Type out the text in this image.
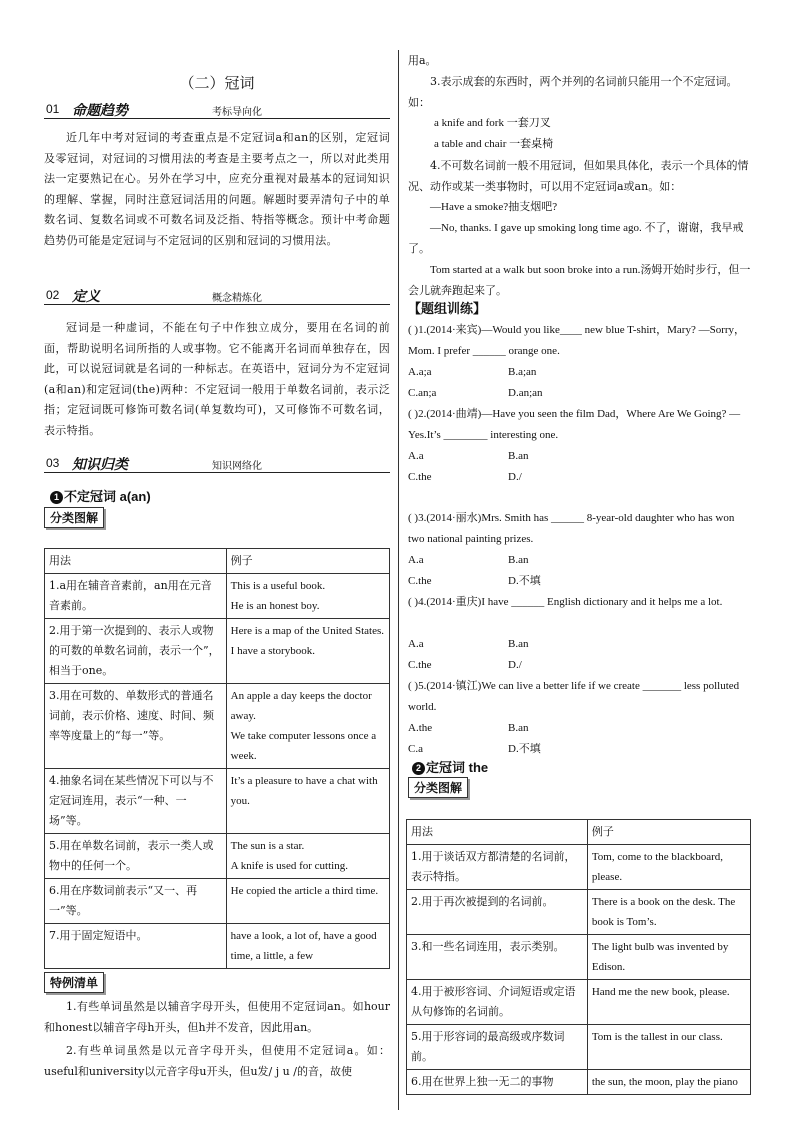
（二）冠词
01 命题趋势	考标导向化
近几年中考对冠词的考查重点是不定冠词a和an的区别，定冠词及零冠词，对冠词的习惯用法的考查是主要考点之一，所以对此类用法一定要熟记在心。另外在学习中，应充分重视对最基本的冠词知识的理解、掌握，同时注意冠词活用的问题。解题时要弄清句子中的单数名词、复数名词或不可数名词及泛指、特指等概念。预计中考命题趋势仍可能是定冠词与不定冠词的区别和冠词的习惯用法。
02 定义	概念精炼化
冠词是一种虚词，不能在句子中作独立成分，要用在名词的前面，帮助说明名词所指的人或事物。它不能离开名词而单独存在，因此，可以说冠词就是名词的一种标志。在英语中，冠词分为不定冠词(a和an)和定冠词(the)两种：不定冠词一般用于单数名词前，表示泛指；定冠词既可修饰可数名词(单复数均可)，又可修饰不可数名词，表示特指。
03 知识归类	知识网络化
1 不定冠词 a(an)
分类图解
用法	例子
1.a用在辅音音素前，an用在元音音素前。	This is a useful book.
He is an honest boy.

2.用于第一次提到的、表示人或物的可数的单数名词前，表示一个”，相当于one。	Here is a map of the United States.
I have a storybook.

3.用在可数的、单数形式的普通名词前，表示价格、速度、时间、频率等度量上的“每一”等。	An apple a day keeps the doctor away.
We take computer lessons once a week.

4.抽象名词在某些情况下可以与不定冠词连用，表示“一种、一场”等。	It’s a pleasure to have a chat with you.

5.用在单数名词前，表示一类人或物中的任何一个。	The sun is a star.
A knife is used for cutting.

6.用在序数词前表示“又一、再一”等。	He copied the article a third time.

7.用于固定短语中。	have a look, a lot of, have a good time, a little, a few
特例清单
1.有些单词虽然是以辅音字母开头，但使用不定冠词an。如hour和honest以辅音字母h开头，但h并不发音，因此用an。
2.有些单词虽然是以元音字母开头，但使用不定冠词a。如：useful和university以元音字母u开头，但u发/ j u /的音，故使
用a。
3.表示成套的东西时，两个并列的名词前只能用一个不定冠词。如：
a knife and fork 一套刀叉
a table and chair 一套桌椅
4.不可数名词前一般不用冠词，但如果具体化，表示一个具体的情况、动作或某一类事物时，可以用不定冠词a或an。如：
—Have a smoke?抽支烟吧?
—No, thanks. I gave up smoking long time ago. 不了，谢谢，我早戒了。
Tom started at a walk but soon broke into a run.汤姆开始时步行，但一会儿就奔跑起来了。
【题组训练】
( )1.(2014·来宾)—Would you like____ new blue T-shirt，Mary? —Sorry，Mom. I prefer ______ orange one.
A.a;a	B.a;an
C.an;a	D.an;an
( )2.(2014·曲靖)—Have you seen the film Dad，Where Are We Going? —Yes.It’s ________ interesting one.
A.a	B.an
C.the	D./
( )3.(2014·丽水)Mrs. Smith has ______ 8-year-old daughter who has won two national painting prizes.
A.a	B.an
C.the	D.不填
( )4.(2014·重庆)I have ______ English dictionary and it helps me a lot.
A.a	B.an
C.the	D./
( )5.(2014·镇江)We can live a better life if we create _______ less polluted world.
A.the	B.an
C.a	D.不填
2 定冠词 the
分类图解
用法	例子
1.用于谈话双方都清楚的名词前，表示特指。	Tom, come to the blackboard, please.

2.用于再次被提到的名词前。	There is a book on the desk. The book is Tom’s.

3.和一些名词连用，表示类别。	The light bulb was invented by Edison.

4.用于被形容词、介词短语或定语从句修饰的名词前。	Hand me the new book, please.

5.用于形容词的最高级或序数词前。	Tom is the tallest in our class.

6.用在世界上独一无二的事物	the sun, the moon, play the piano
